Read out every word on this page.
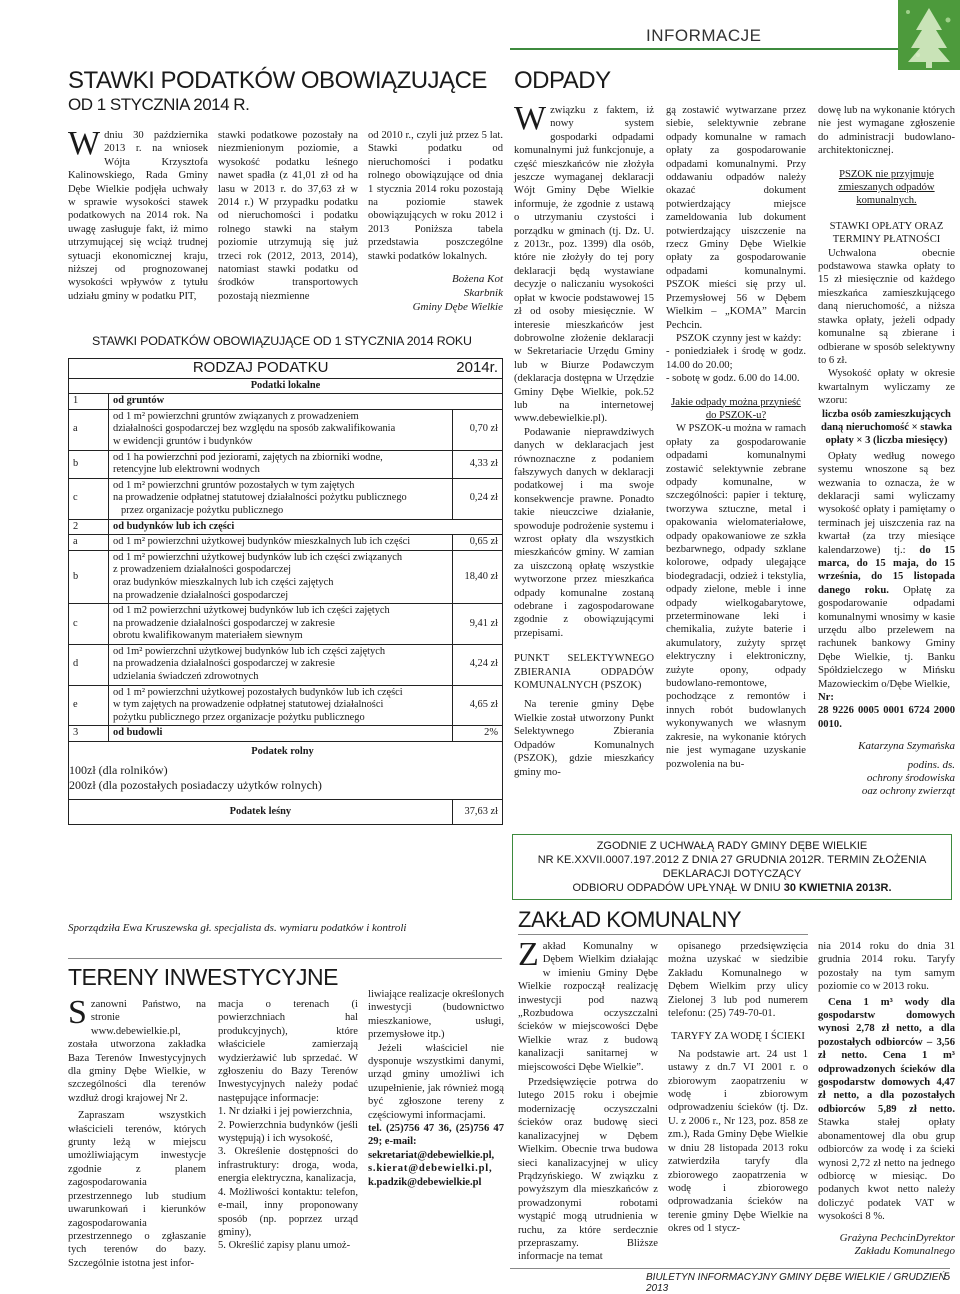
INFORMACJE
STAWKI PODATKÓW OBOWIĄZUJĄCE
OD 1 STYCZNIA 2014 R.
Wdniu 30 października 2013 r. na wniosek Wójta Krzysztofa Kalinowskiego, Rada Gminy Dębe Wielkie podjęła uchwały w sprawie wysokości stawek podatkowych na 2014 rok. Na uwagę zasługuje fakt, iż mimo utrzymującej się wciąż trudnej sytuacji ekonomicznej kraju, niższej od prognozowanej wysokości wpływów z tytułu udziału gminy w podatku PIT,
stawki podatkowe pozostały na niezmienionym poziomie, a wysokość podatku leśnego nawet spadła (z 41,01 zł od ha lasu w 2013 r. do 37,63 zł w 2014 r.) W przypadku podatku od nieruchomości i podatku rolnego stawki na stałym poziomie utrzymują się już trzeci rok (2012, 2013, 2014), natomiast stawki podatku od środków transportowych pozostają niezmienne
od 2010 r., czyli już przez 5 lat. Stawki podatku od nieruchomości i podatku rolnego obowiązujące od dnia 1 stycznia 2014 roku pozostają na poziomie stawek obowiązujących w roku 2012 i 2013 Poniższa tabela przedstawia poszczególne stawki podatków lokalnych.
Bożena Kot
Skarbnik
Gminy Dębe Wielkie
STAWKI PODATKÓW OBOWIĄZUJĄCE OD 1 STYCZNIA 2014 ROKU
RODZAJ PODATKU		2014r.
Podatki lokalne		
1	od gruntów	
a	od 1 m² powierzchni gruntów związanych z prowadzeniem
działalności gospodarczej bez względu na sposób zakwalifikowania
w ewidencji gruntów i budynków	0,70 zł
b	od 1 ha powierzchni pod jeziorami, zajętych na zbiorniki wodne,
retencyjne lub elektrowni wodnych	4,33 zł
c	od 1 m² powierzchni gruntów pozostałych w tym zajętych
na prowadzenie odpłatnej statutowej działalności pożytku publicznego
przez organizacje pożytku publicznego	0,24 zł
2	od budynków lub ich części	
a	od 1 m² powierzchni użytkowej budynków mieszkalnych lub ich części	0,65 zł
b	od 1 m² powierzchni użytkowej budynków lub ich części związanych
z prowadzeniem działalności gospodarczej
oraz budynków mieszkalnych lub ich części zajętych
na prowadzenie działalności gospodarczej	18,40 zł
c	od 1 m2 powierzchni użytkowej budynków lub ich części zajętych
na prowadzenie działalności gospodarczej w zakresie
obrotu kwalifikowanym materiałem siewnym	9,41 zł
d	od 1m² powierzchni użytkowej budynków lub ich części zajętych
na prowadzenia działalności gospodarczej w zakresie
udzielania świadczeń zdrowotnych	4,24 zł
e	od 1 m² powierzchni użytkowej pozostałych budynków lub ich części
w tym zajętych na prowadzenie odpłatnej statutowej działalności
pożytku publicznego przez organizacje pożytku publicznego	4,65 zł
3	od budowli	2%

Podatek rolny
100zł (dla rolników)
200zł (dla pozostałych posiadaczy użytków rolnych)		

Podatek leśny		37,63 zł
Sporządziła Ewa Kruszewska gł. specjalista ds. wymiaru podatków i kontroli
TERENY INWESTYCYJNE
Szanowni Państwo, na stronie www.debewielkie.pl, została utworzona zakładka Baza Terenów Inwestycyjnych dla gminy Dębe Wielkie, w szczególności dla terenów wzdłuż drogi krajowej Nr 2.

Zapraszam wszystkich właścicieli terenów, których grunty leżą w miejscu umożliwiającym inwestycje zgodnie z planem zagospodarowania przestrzennego lub studium uwarunkowań i kierunków zagospodarowania przestrzennego o zgłaszanie tych terenów do bazy. Szczególnie istotna jest infor-

macja o terenach (i powierzchniach hal produkcyjnych), które właściciele zamierzają wydzierżawić lub sprzedać. W zgłoszeniu do Bazy Terenów Inwestycyjnych należy podać następujące informacje:

1. Nr działki i jej powierzchnia,

2. Powierzchnia budynków (jeśli występują) i ich wysokość,

3. Określenie dostępności do infrastruktury: droga, woda, energia elektryczna, kanalizacja,

4. Możliwości kontaktu: telefon, e-mail, inny proponowany sposób (np. poprzez urząd gminy),

5. Określić zapisy planu umoż-

liwiające realizacje określonych inwestycji (budownictwo mieszkaniowe, usługi, przemysłowe itp.)

Jeżeli właściciel nie dysponuje wszystkimi danymi, urząd gminy umożliwi ich uzupełnienie, jak również mogą być zgłoszone tereny z częściowymi informacjami.

tel. (25)756 47 36, (25)756 47 29; e-mail:

sekretariat@debewielkie.pl,

s.kierat@debewielki.pl,

k.padzik@debewielkie.pl

ODPADY
Wzwiązku z faktem, iż nowy system gospodarki odpadami komunalnymi już funkcjonuje, a część mieszkańców nie złożyła jeszcze wymaganej deklaracji Wójt Gminy Dębe Wielkie informuje, że zgodnie z ustawą o utrzymaniu czystości i porządku w gminach (tj. Dz. U. z 2013r., poz. 1399) dla osób, które nie złożyły do tej pory deklaracji będą wystawiane decyzje o naliczaniu wysokości opłat w kwocie podstawowej 15 zł od osoby miesięcznie. W interesie mieszkańców jest dobrowolne złożenie deklaracji w Sekretariacie Urzędu Gminy lub w Biurze Podawczym (deklaracja dostępna w Urzędzie Gminy Dębe Wielkie, pok.52 lub na internetowej www.debewielkie.pl).

Podawanie nieprawdziwych danych w deklaracjach jest równoznaczne z podaniem fałszywych danych w deklaracji podatkowej i ma swoje konsekwencje prawne. Ponadto takie nieuczciwe działanie, spowoduje podrożenie systemu i wzrost opłaty dla wszystkich mieszkańców gminy. W zamian za uiszczoną opłatę wszystkie wytworzone przez mieszkańca odpady komunalne zostaną odebrane i zagospodarowane zgodnie z obowiązującymi przepisami.

PUNKT SELEKTYWNEGO ZBIERANIA ODPADÓW KOMUNALNYCH (PSZOK)

Na terenie gminy Dębe Wielkie został utworzony Punkt Selektywnego Zbierania Odpadów Komunalnych (PSZOK), gdzie mieszkańcy gminy mo-

gą zostawić wytwarzane przez siebie, selektywnie zebrane odpady komunalne w ramach opłaty za gospodarowanie odpadami komunalnymi. Przy oddawaniu odpadów należy okazać dokument potwierdzający miejsce zameldowania lub dokument potwierdzający uiszczenie na rzecz Gminy Dębe Wielkie opłaty za gospodarowanie odpadami komunalnymi. PSZOK mieści się przy ul. Przemysłowej 56 w Dębem Wielkim – „KOMA” Marcin Pechcin.

PSZOK czynny jest w każdy:

- poniedziałek i środę w godz. 14.00 do 20.00;

- sobotę w godz. 6.00 do 14.00.

Jakie odpady można przynieść do PSZOK-u?

W PSZOK-u można w ramach opłaty za gospodarowanie odpadami komunalnymi zostawić selektywnie zebrane odpady komunalne, w szczególności: papier i tekturę, tworzywa sztuczne, metal i opakowania wielomateriałowe, odpady opakowaniowe ze szkła bezbarwnego, odpady szklane kolorowe, odpady ulegające biodegradacji, odzież i tekstylia, odpady zielone, meble i inne odpady wielkogabarytowe, przeterminowane leki i chemikalia, zużyte baterie i akumulatory, zużyty sprzęt elektryczny i elektroniczny, zużyte opony, odpady budowlano-remontowe, pochodzące z remontów i innych robót budowlanych wykonywanych we własnym zakresie, na wykonanie których nie jest wymagane uzyskanie pozwolenia na bu-

dowę lub na wykonanie których nie jest wymagane zgłoszenie do administracji budowlano-architektonicznej.

PSZOK nie przyjmuje zmieszanych odpadów komunalnych.

STAWKI OPŁATY ORAZ TERMINY PŁATNOŚCI

Uchwalona obecnie podstawowa stawka opłaty to 15 zł miesięcznie od każdego mieszkańca zamieszkującego daną nieruchomość, a niższa stawka opłaty, jeżeli odpady komunalne są zbierane i odbierane w sposób selektywny to 6 zł.

Wysokość opłaty w okresie kwartalnym wyliczamy ze wzoru:

liczba osób zamieszkujących daną nieruchomość × stawka opłaty × 3 (liczba miesięcy)

Opłaty według nowego systemu wnoszone są bez wezwania to oznacza, że w deklaracji sami wyliczamy wysokość opłaty i pamiętamy o terminach jej uiszczenia raz na kwartał (za trzy miesiące kalendarzowe) tj.: do 15 marca, do 15 maja, do 15 września, do 15 listopada danego roku. Opłatę za gospodarowanie odpadami komunalnymi wnosimy w kasie urzędu albo przelewem na rachunek bankowy Gminy Dębe Wielkie, tj. Banku Spółdzielczego w Mińsku Mazowieckim o/Dębe Wielkie,

Nr:

28 9226 0005 0001 6724 2000 0010.

Katarzyna Szymańska
podins. ds.
ochrony środowiska
oaz ochrony zwierząt
ZGODNIE Z UCHWAŁĄ RADY GMINY DĘBE WIELKIE
NR KE.XXVII.0007.197.2012 Z DNIA 27 GRUDNIA 2012R. TERMIN ZŁOŻENIA
DEKLARACJI DOTYCZĄCY
ODBIORU ODPADÓW UPŁYNĄŁ W DNIU 30 KWIETNIA 2013R.
ZAKŁAD KOMUNALNY
Zakład Komunalny w Dębem Wielkim działając w imieniu Gminy Dębe Wielkie rozpoczął realizację inwestycji pod nazwą „Rozbudowa oczyszczalni ścieków w miejscowości Dębe Wielkie wraz z budową kanalizacji sanitarnej w miejscowości Dębe Wielkie”.

Przedsięwzięcie potrwa do lutego 2015 roku i obejmie modernizację oczyszczalni ścieków oraz budowę sieci kanalizacyjnej w Dębem Wielkim. Obecnie trwa budowa sieci kanalizacyjnej w ulicy Prądzyńskiego. W związku z powyższym dla mieszkańców z prowadzonymi robotami wystąpić mogą utrudnienia w ruchu, za które serdecznie przepraszamy. Bliższe informacje na temat

opisanego przedsięwzięcia można uzyskać w siedzibie Zakładu Komunalnego w Dębem Wielkim przy ulicy Zielonej 3 lub pod numerem telefonu: (25) 749-70-01.

TARYFY ZA WODĘ I ŚCIEKI

Na podstawie art. 24 ust 1 ustawy z dn.7 VI 2001 r. o zbiorowym zaopatrzeniu w wodę i zbiorowym odprowadzeniu ścieków (tj. Dz. U. z 2006 r., Nr 123, poz. 858 ze zm.), Rada Gminy Dębe Wielkie w dniu 28 listopada 2013 roku zatwierdziła taryfy dla zbiorowego zaopatrzenia w wodę i zbiorowego odprowadzania ścieków na terenie gminy Dębe Wielkie na okres od 1 stycz-

nia 2014 roku do dnia 31 grudnia 2014 roku. Taryfy pozostały na tym samym poziomie co w 2013 roku.

Cena 1 m³ wody dla gospodarstw domowych wynosi 2,78 zł netto, a dla pozostałych odbiorców – 3,56 zł netto. Cena 1 m³ odprowadzonych ścieków dla gospodarstw domowych 4,47 zł netto, a dla pozostałych odbiorców 5,89 zł netto. Stawka stałej opłaty abonamentowej dla obu grup odbiorców za wodę i za ścieki wynosi 2,72 zł netto na jednego odbiorcę w miesiąc. Do podanych kwot netto należy doliczyć podatek VAT w wysokości 8 %.

Grażyna PechcinDyrektor
Zakładu Komunalnego
BIULETYN INFORMACYJNY GMINY DĘBE WIELKIE / GRUDZIEŃ 2013
5
